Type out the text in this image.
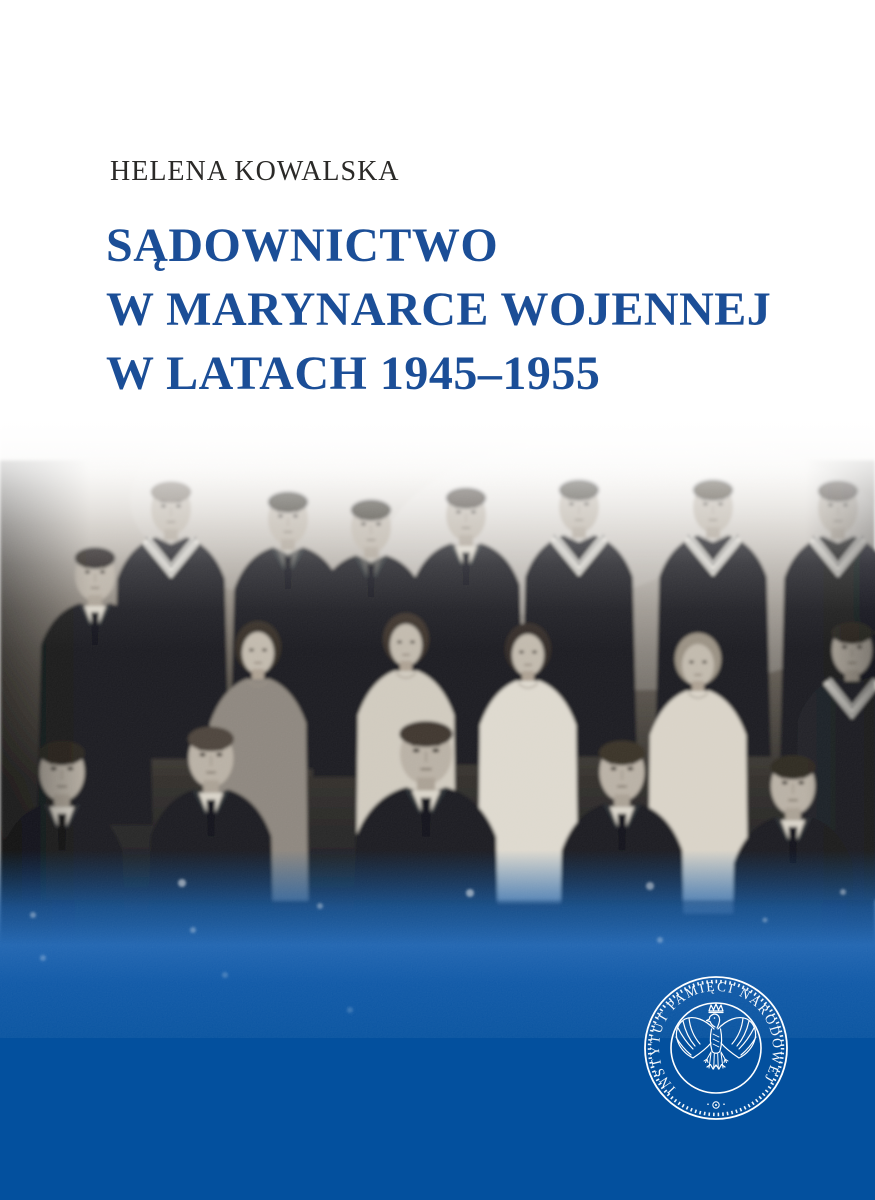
HELENA KOWALSKA
SĄDOWNICTWO
W MARYNARCE WOJENNEJ
W LATACH 1945–1955
INSTYTUT PAMIĘCI NARODOWEJ
